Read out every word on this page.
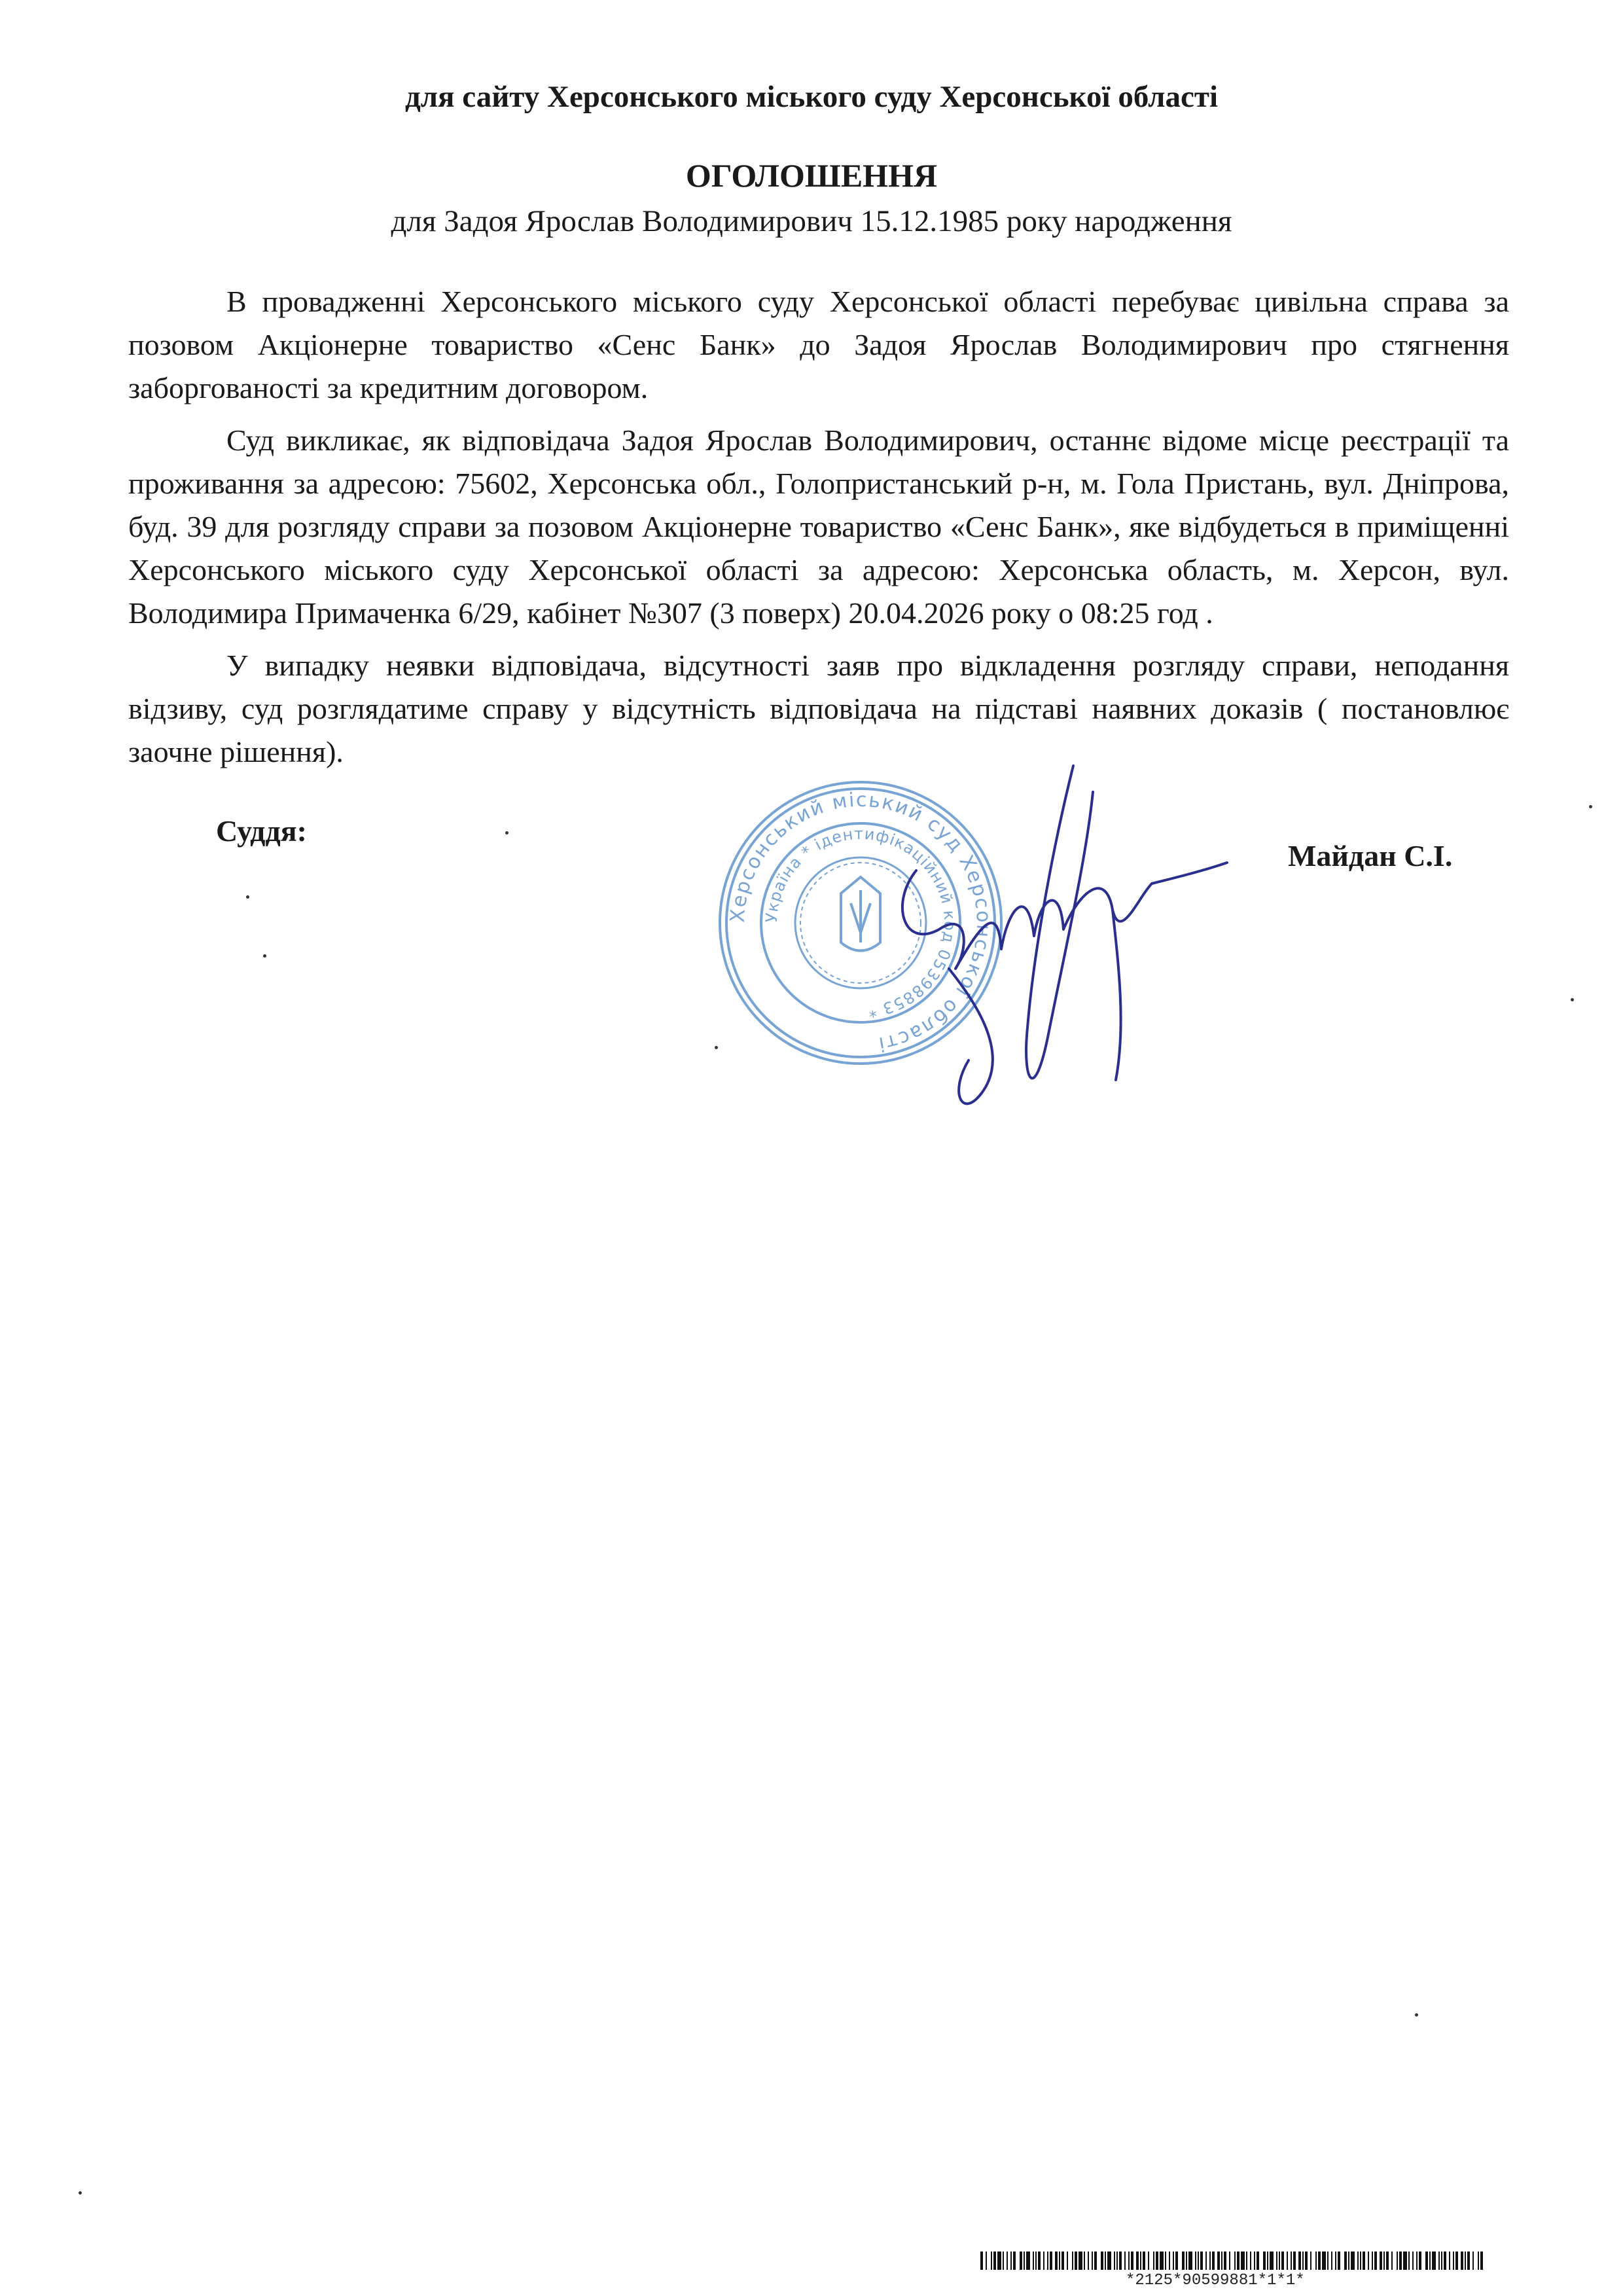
для сайту Херсонського міського суду Херсонської області
ОГОЛОШЕННЯ
для Задоя Ярослав Володимирович 15.12.1985 року народження

В провадженні Херсонського міського суду Херсонської області перебуває цивільна справа за позовом Акціонерне товариство «Сенс Банк» до Задоя Ярослав Володимирович про стягнення заборгованості за кредитним договором.

Суд викликає, як відповідача Задоя Ярослав Володимирович, останнє відоме місце реєстрації та проживання за адресою: 75602, Херсонська обл., Голопристанський р-н, м. Гола Пристань, вул. Дніпрова, буд. 39 для розгляду справи за позовом Акціонерне товариство «Сенс Банк», яке відбудеться в приміщенні Херсонського міського суду Херсонської області за адресою: Херсонська область, м. Херсон, вул. Володимира Примаченка 6/29, кабінет №307 (3 поверх) 20.04.2026 року о 08:25 год .

У випадку неявки відповідача, відсутності заяв про відкладення розгляду справи, неподання відзиву, суд розглядатиме справу у відсутність відповідача на підставі наявних доказів ( постановлює заочне рішення).

Суддя:
Майдан С.І.
Херсонський міський суд Херсонської області
Україна * ідентифікаційний код 05398853 *
*2125*90599881*1*1*
